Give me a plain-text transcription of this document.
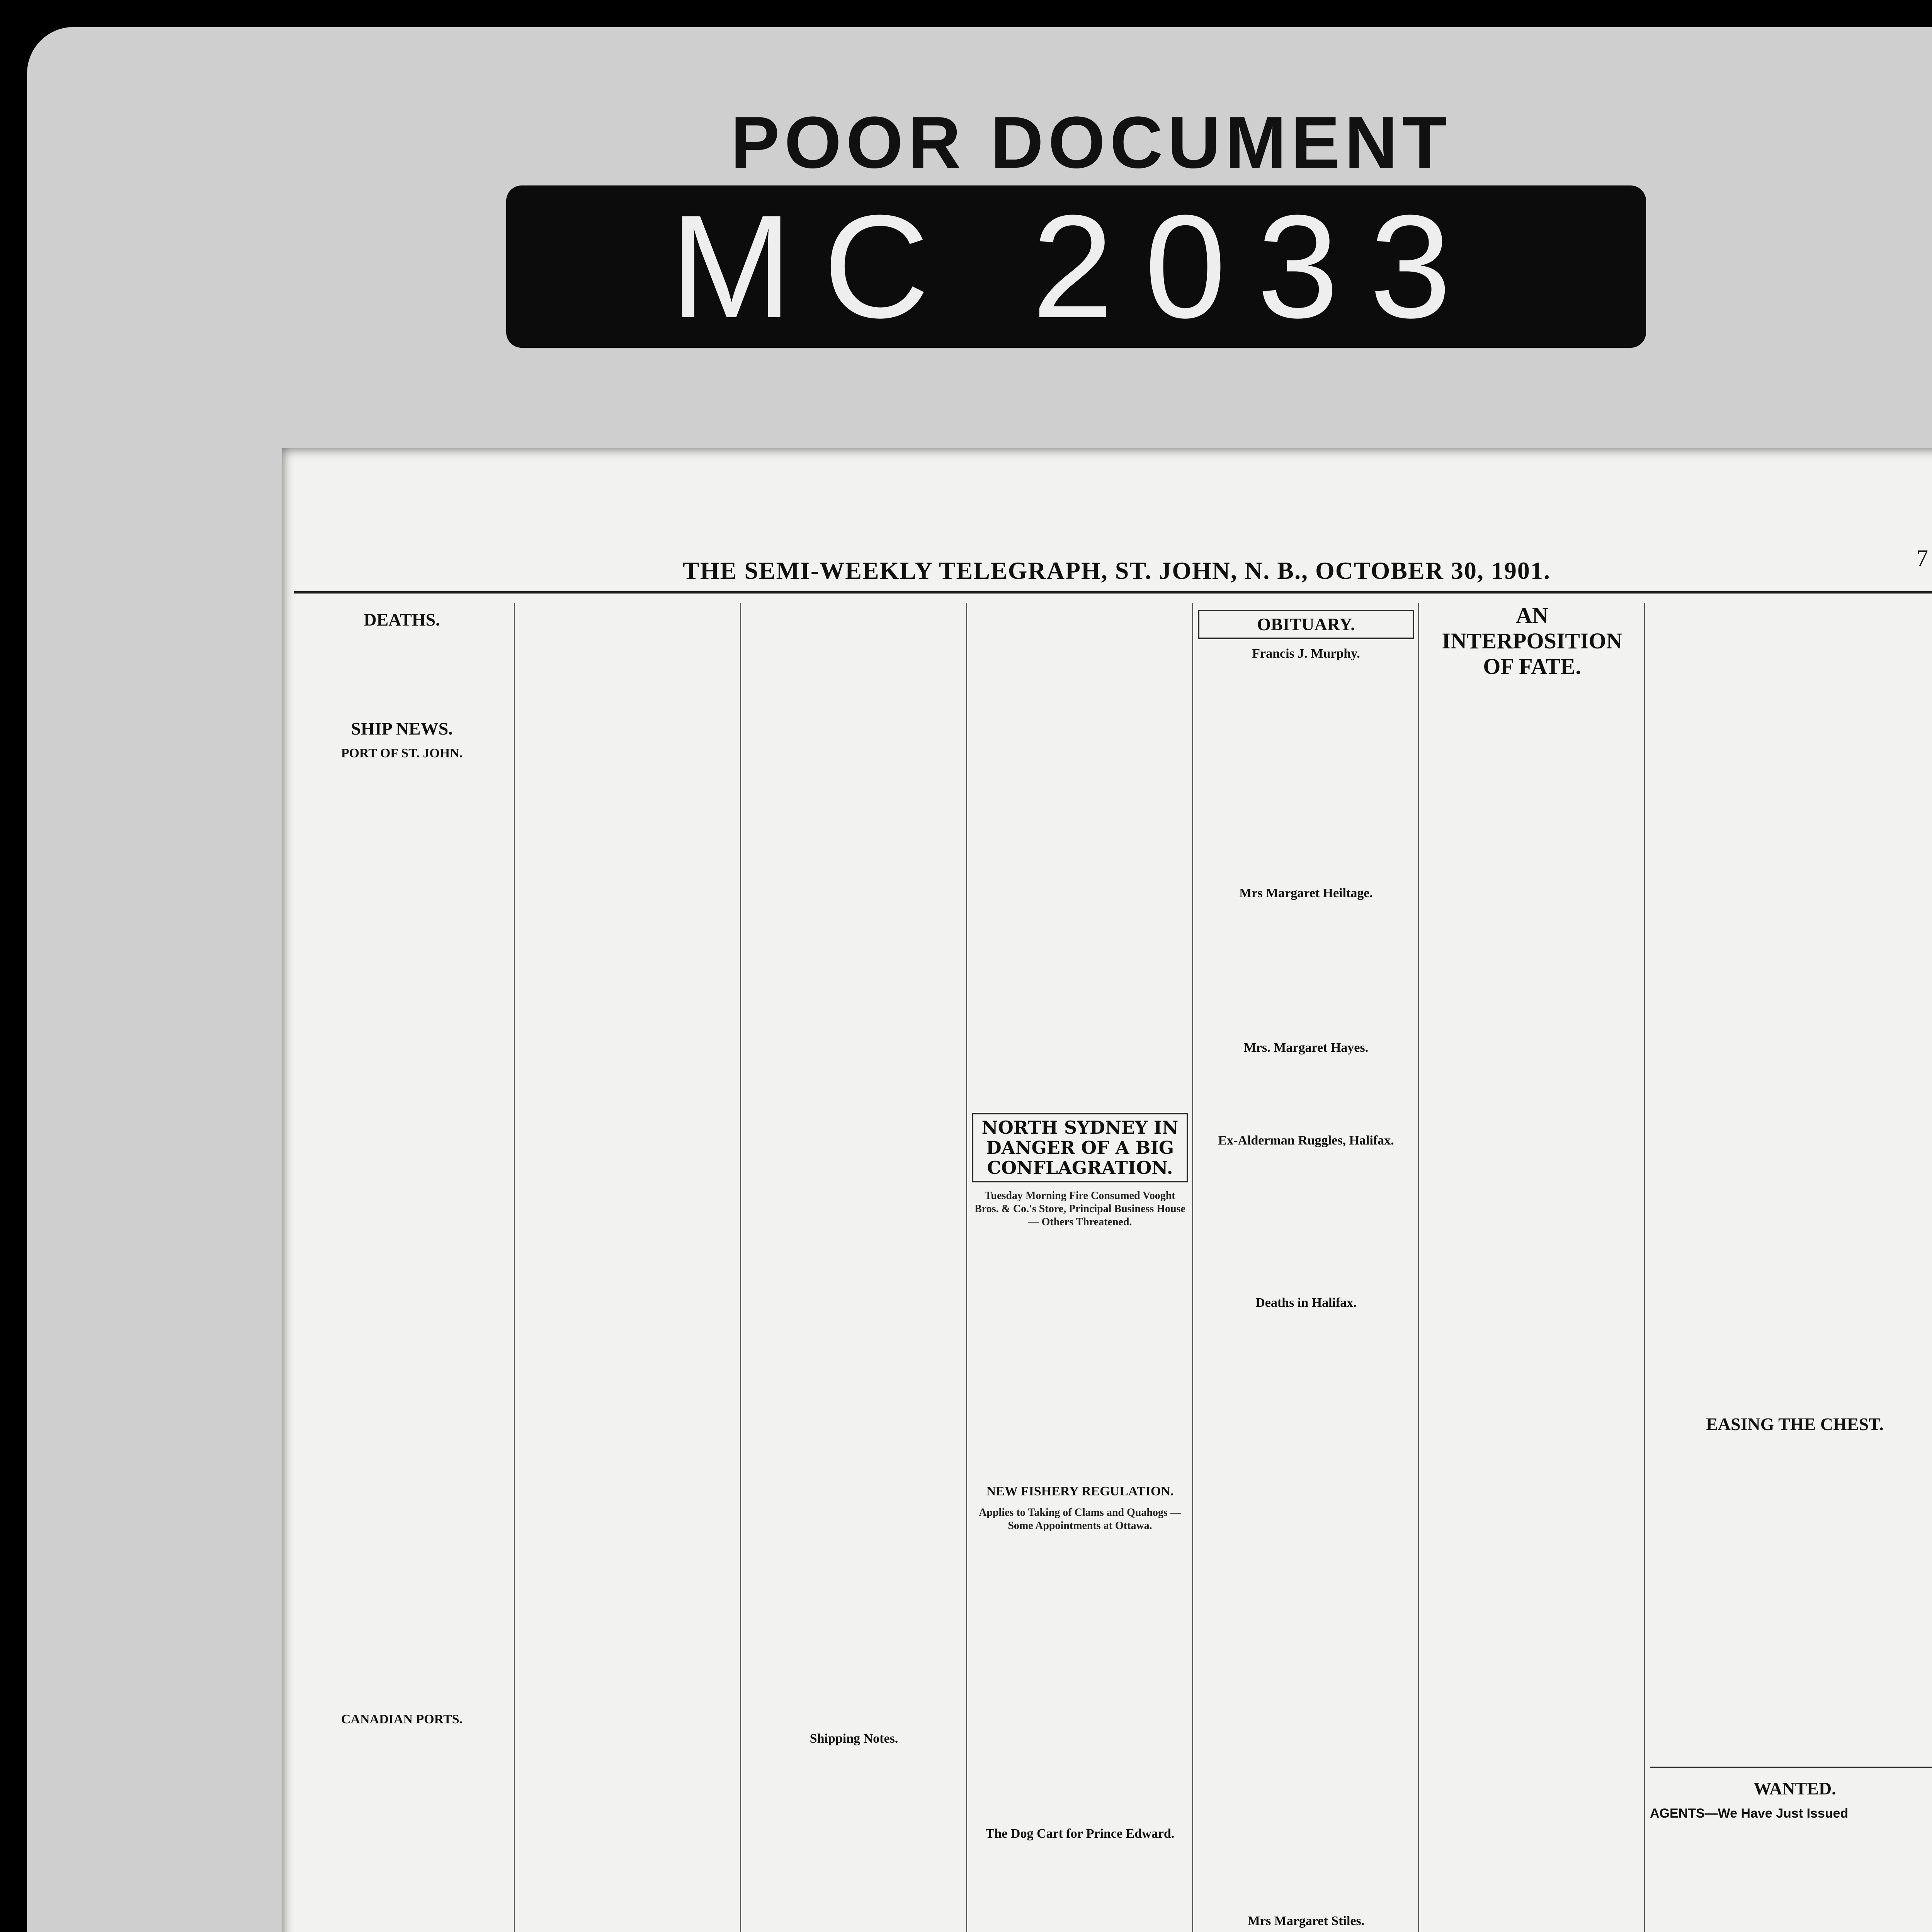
POOR DOCUMENT
MC 2033
THE SEMI-WEEKLY TELEGRAPH, ST. JOHN, N. B., OCTOBER 30, 1901.	7
DEATHS.
SHIP NEWS.
PORT OF ST. JOHN.
CANADIAN PORTS.
Shipping Notes.
NORTH SYDNEY IN DANGER OF A BIG CONFLAGRATION.
Tuesday Morning Fire Consumed Vooght Bros. & Co.'s Store, Principal Business House — Others Threatened.
NEW FISHERY REGULATION.
Applies to Taking of Clams and Quahogs — Some Appointments at Ottawa.
The Dog Cart for Prince Edward.
OBITUARY.
Francis J. Murphy.
Mrs Margaret Heiltage.
Mrs. Margaret Hayes.
Ex-Alderman Ruggles, Halifax.
Deaths in Halifax.
Mrs Margaret Stiles.
AN INTERPOSITION OF FATE.
EASING THE CHEST.
WANTED.
AGENTS—We Have Just Issued
